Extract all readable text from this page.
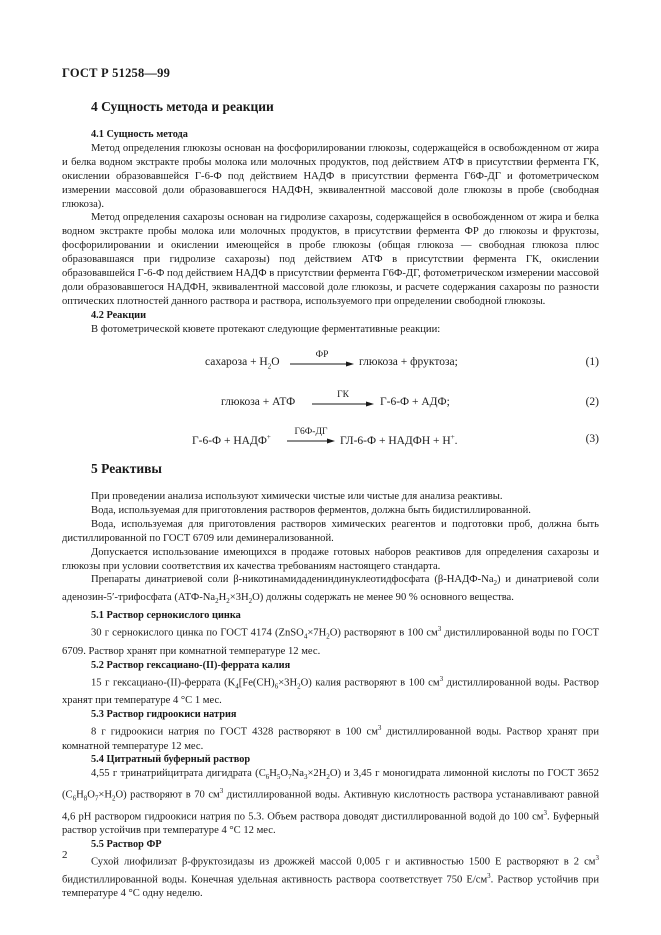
ГОСТ Р 51258—99
4 Сущность метода и реакции

4.1 Сущность метода

Метод определения глюкозы основан на фосфорилировании глюкозы, содержащейся в освобожденном от жира и белка водном экстракте пробы молока или молочных продуктов, под действием АТФ в присутствии фермента ГК, окислении образовавшейся Г-6-Ф под действием НАДФ в присутствии фермента Г6Ф-ДГ и фотометрическом измерении массовой доли образовавшегося НАДФН, эквивалентной массовой доле глюкозы в пробе (свободная глюкоза).

Метод определения сахарозы основан на гидролизе сахарозы, содержащейся в освобожденном от жира и белка водном экстракте пробы молока или молочных продуктов, в присутствии фермента ФР до глюкозы и фруктозы, фосфорилировании и окислении имеющейся в пробе глюкозы (общая глюкоза — свободная глюкоза плюс образовавшаяся при гидролизе сахарозы) под действием АТФ в присутствии фермента ГК, окислении образовавшейся Г-6-Ф под действием НАДФ в присутствии фермента Г6Ф-ДГ, фотометрическом измерении массовой доли образовавшегося НАДФН, эквивалентной массовой доле глюкозы, и расчете содержания сахарозы по разности оптических плотностей данного раствора и раствора, используемого при определении свободной глюкозы.

4.2 Реакции

В фотометрической кювете протекают следующие ферментативные реакции:

сахароза + $H_2O$
ФР
глюкоза + фруктоза;	(1)
глюкоза + АТФ
ГК
Г-6-Ф + АДФ;	(2)
Г-6-Ф + НАДФ+	Г6Ф-ДГ
ГЛ-6-Ф + НАДФН + Н+.	(3)
5 Реактивы

При проведении анализа используют химически чистые или чистые для анализа реактивы.

Вода, используемая для приготовления растворов ферментов, должна быть бидистиллированной.

Вода, используемая для приготовления растворов химических реагентов и подготовки проб, должна быть дистиллированной по ГОСТ 6709 или деминерализованной.

Допускается использование имеющихся в продаже готовых наборов реактивов для определения сахарозы и глюкозы при условии соответствия их качества требованиям настоящего стандарта.

Препараты динатриевой соли β-никотинамидадениндинуклеотидфосфата $(\beta-НАДФ-Na_2)$ и динатриевой соли аденозин-5′-трифосфата $(АТФ-Na_2H_2\times 3H_2O)$ должны содержать не менее 90 % основного вещества.

5.1 Раствор сернокислого цинка

30 г сернокислого цинка по ГОСТ 4174 $(ZnSO_4\times 7H_2O)$ растворяют в 100 $см^3$ дистиллированной воды по ГОСТ 6709. Раствор хранят при комнатной температуре 12 мес.

5.2 Раствор гексациано-(II)-феррата калия

15 г гексациано-(II)-феррата ($K_4[Fe(CH)_6\times 3H_2O)$ калия растворяют в 100 $см^3$ дистиллированной воды. Раствор хранят при температуре 4 °С 1 мес.

5.3 Раствор гидроокиси натрия

8 г гидроокиси натрия по ГОСТ 4328 растворяют в 100 $см^3$ дистиллированной воды. Раствор хранят при комнатной температуре 12 мес.

5.4 Цитратный буферный раствор

4,55 г тринатрийцитрата дигидрата $(C_6H_5O_7Na_3\times 2H_2O)$ и 3,45 г моногидрата лимонной кислоты по ГОСТ 3652 $(C_6H_8O_7\times H_2O)$ растворяют в 70 $см^3$ дистиллированной воды. Активную кислотность раствора устанавливают равной 4,6 pH раствором гидроокиси натрия по 5.3. Объем раствора доводят дистиллированной водой до 100 $см^3$. Буферный раствор устойчив при температуре 4 °С 12 мес.

5.5 Раствор ФР

Сухой лиофилизат β-фруктозидазы из дрожжей массой 0,005 г и активностью 1500 Е растворяют в 2 $см^3$ бидистиллированной воды. Конечная удельная активность раствора соответствует 750 $Е/см^3$. Раствор устойчив при температуре 4 °С одну неделю.

2
